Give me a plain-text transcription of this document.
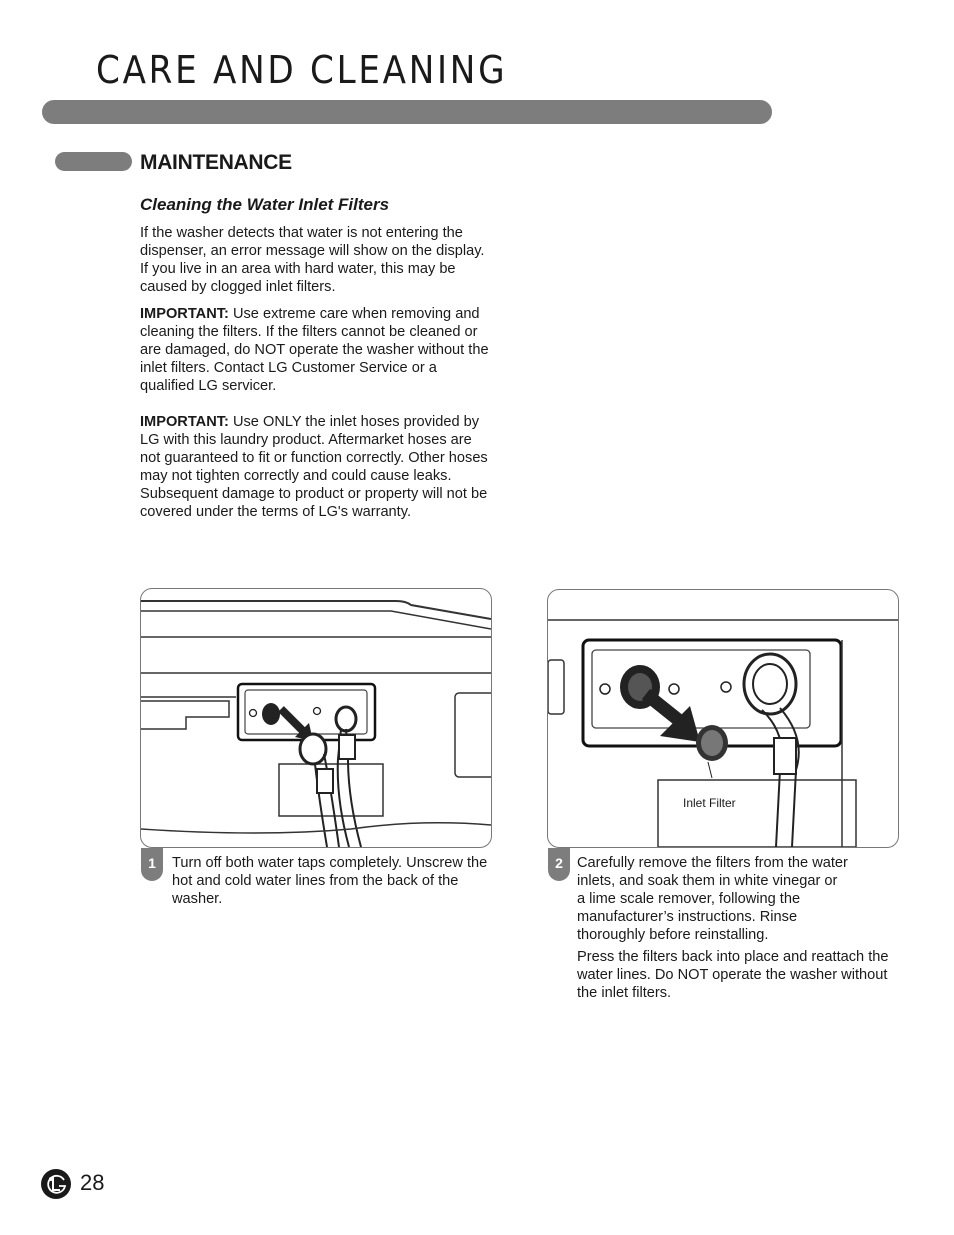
CARE AND CLEANING
MAINTENANCE
Cleaning the Water Inlet Filters

If the washer detects that water is not entering the dispenser, an error message will show on the display. If you live in an area with hard water, this may be caused by clogged inlet filters.

IMPORTANT: Use extreme care when removing and cleaning the filters. If the filters cannot be cleaned or are damaged, do NOT operate the washer without the inlet filters. Contact LG Customer Service or a qualified LG servicer.

IMPORTANT: Use ONLY the inlet hoses provided by LG with this laundry product. Aftermarket hoses are not guaranteed to fit or function correctly. Other hoses may not tighten correctly and could cause leaks. Subsequent damage to product or property will not be covered under the terms of LG's warranty.

1	Turn off both water taps completely. Unscrew the hot and cold water lines from the back of the washer.

Inlet Filter
2 Carefully remove the filters from the water inlets, and soak them in white vinegar or a lime scale remover, following the manufacturer’s instructions. Rinse thoroughly before reinstalling.

Press the filters back into place and reattach the water lines. Do NOT operate the washer without the inlet filters.

28
